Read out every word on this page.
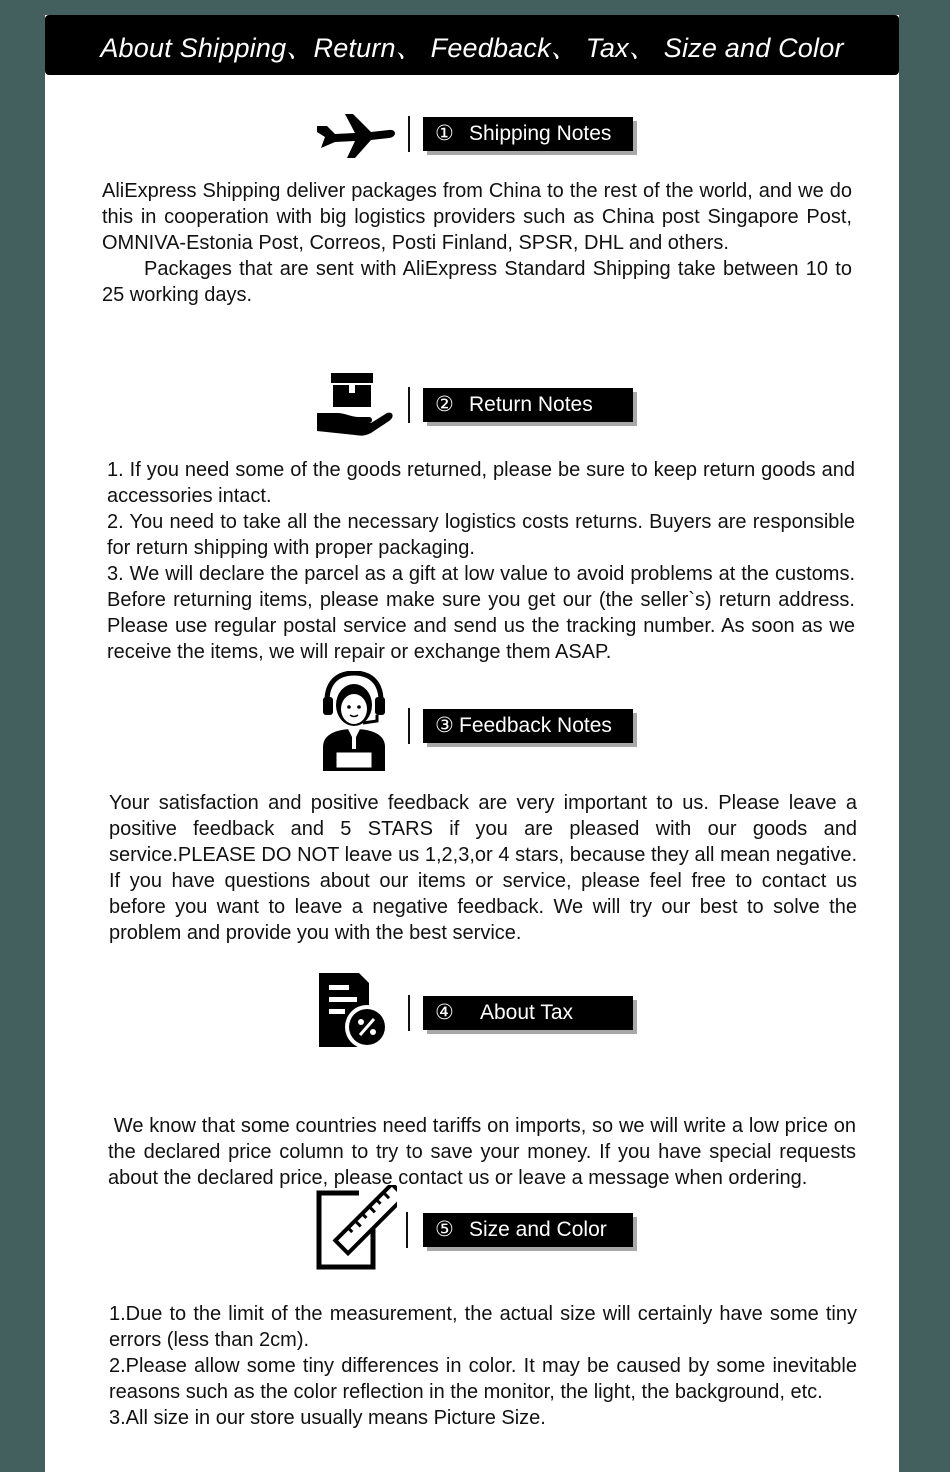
About Shipping、Return、 Feedback、 Tax、 Size and Color
① Shipping Notes

AliExpress Shipping deliver packages from China to the rest of the world, and we do this in cooperation with big logistics providers such as China post Singapore Post, OMNIVA-Estonia Post, Correos, Posti Finland, SPSR, DHL and others.

Packages that are sent with AliExpress Standard Shipping take between 10 to 25 working days.

② Return Notes

1. If you need some of the goods returned, please be sure to keep return goods and accessories intact.

2. You need to take all the necessary logistics costs returns. Buyers are responsible for return shipping with proper packaging.

3. We will declare the parcel as a gift at low value to avoid problems at the customs. Before returning items, please make sure you get our (the seller`s) return address. Please use regular postal service and send us the tracking number. As soon as we receive the items, we will repair or exchange them ASAP.

③ Feedback Notes

Your satisfaction and positive feedback are very important to us. Please leave a positive feedback and 5 STARS if you are pleased with our goods and service.PLEASE DO NOT leave us 1,2,3,or 4 stars, because they all mean negative. If you have questions about our items or service, please feel free to contact us before you want to leave a negative feedback. We will try our best to solve the problem and provide you with the best service.

④ About Tax

We know that some countries need tariffs on imports, so we will write a low price on the declared price column to try to save your money. If you have special requests about the declared price, please contact us or leave a message when ordering.

⑤ Size and Color

1.Due to the limit of the measurement, the actual size will certainly have some tiny errors (less than 2cm).

2.Please allow some tiny differences in color. It may be caused by some inevitable reasons such as the color reflection in the monitor, the light, the background, etc.

3.All size in our store usually means Picture Size.
